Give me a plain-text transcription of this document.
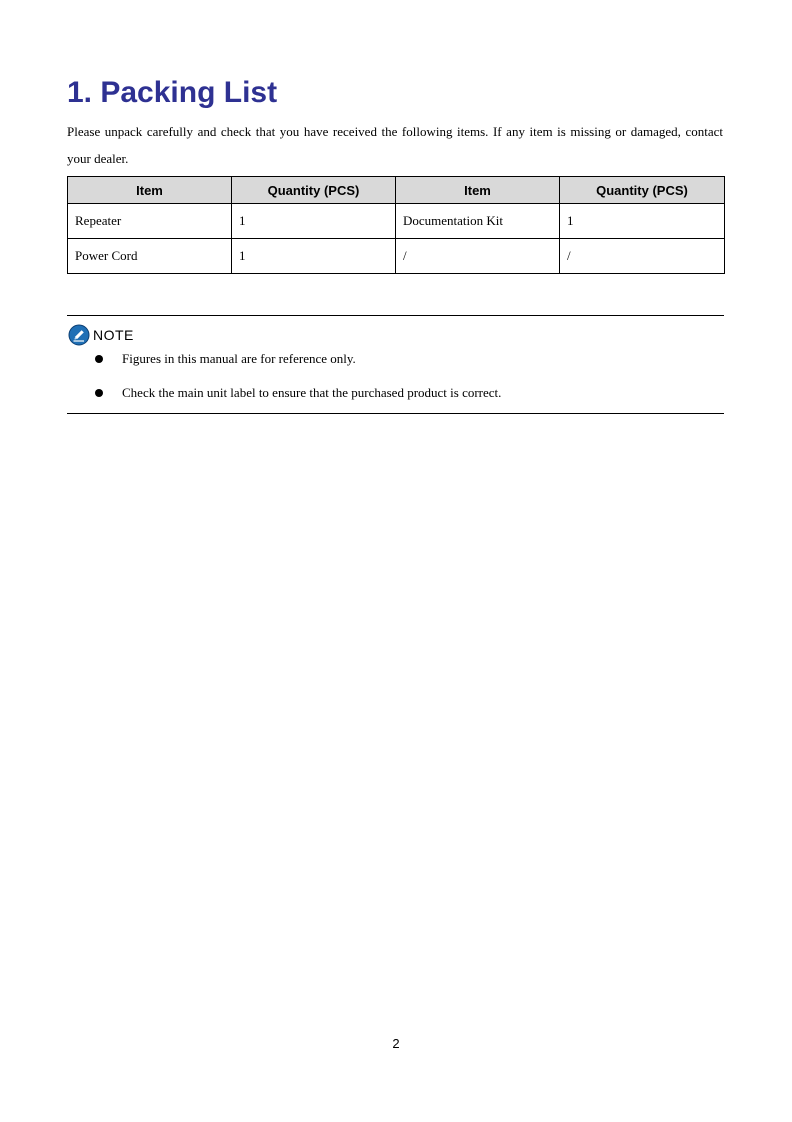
1. Packing List

Please unpack carefully and check that you have received the following items. If any item is missing or damaged, contact your dealer.

Item	Quantity (PCS)	Item	Quantity (PCS)
Repeater	1	Documentation Kit	1
Power Cord	1	/	/
NOTE
Figures in this manual are for reference only.
Check the main unit label to ensure that the purchased product is correct.
2
